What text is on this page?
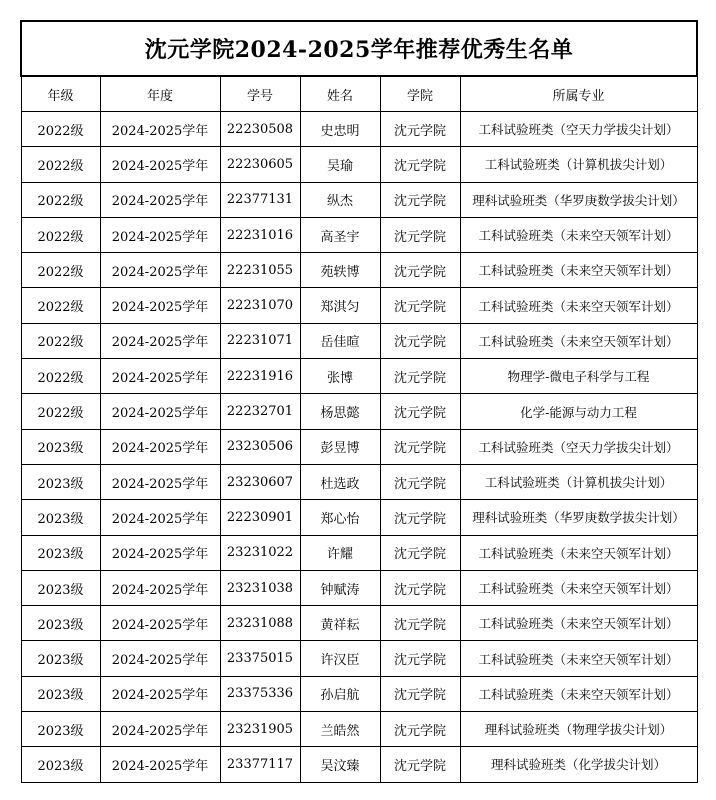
沈元学院2024-2025学年推荐优秀生名单					
年级	年度	学号	姓名	学院	所属专业
2022级	2024-2025学年	22230508	史忠明	沈元学院	工科试验班类（空天力学拔尖计划）
2022级	2024-2025学年	22230605	吴瑜	沈元学院	工科试验班类（计算机拔尖计划）
2022级	2024-2025学年	22377131	纵杰	沈元学院	理科试验班类（华罗庚数学拔尖计划）
2022级	2024-2025学年	22231016	高圣宇	沈元学院	工科试验班类（未来空天领军计划）
2022级	2024-2025学年	22231055	苑轶博	沈元学院	工科试验班类（未来空天领军计划）
2022级	2024-2025学年	22231070	郑淇匀	沈元学院	工科试验班类（未来空天领军计划）
2022级	2024-2025学年	22231071	岳佳暄	沈元学院	工科试验班类（未来空天领军计划）
2022级	2024-2025学年	22231916	张博	沈元学院	物理学-微电子科学与工程
2022级	2024-2025学年	22232701	杨思懿	沈元学院	化学-能源与动力工程
2023级	2024-2025学年	23230506	彭昱博	沈元学院	工科试验班类（空天力学拔尖计划）
2023级	2024-2025学年	23230607	杜选政	沈元学院	工科试验班类（计算机拔尖计划）
2023级	2024-2025学年	22230901	郑心怡	沈元学院	理科试验班类（华罗庚数学拔尖计划）
2023级	2024-2025学年	23231022	许耀	沈元学院	工科试验班类（未来空天领军计划）
2023级	2024-2025学年	23231038	钟赋涛	沈元学院	工科试验班类（未来空天领军计划）
2023级	2024-2025学年	23231088	黄祥耘	沈元学院	工科试验班类（未来空天领军计划）
2023级	2024-2025学年	23375015	许汉臣	沈元学院	工科试验班类（未来空天领军计划）
2023级	2024-2025学年	23375336	孙启航	沈元学院	工科试验班类（未来空天领军计划）
2023级	2024-2025学年	23231905	兰皓然	沈元学院	理科试验班类（物理学拔尖计划）
2023级	2024-2025学年	23377117	吴汶臻	沈元学院	理科试验班类（化学拔尖计划）
